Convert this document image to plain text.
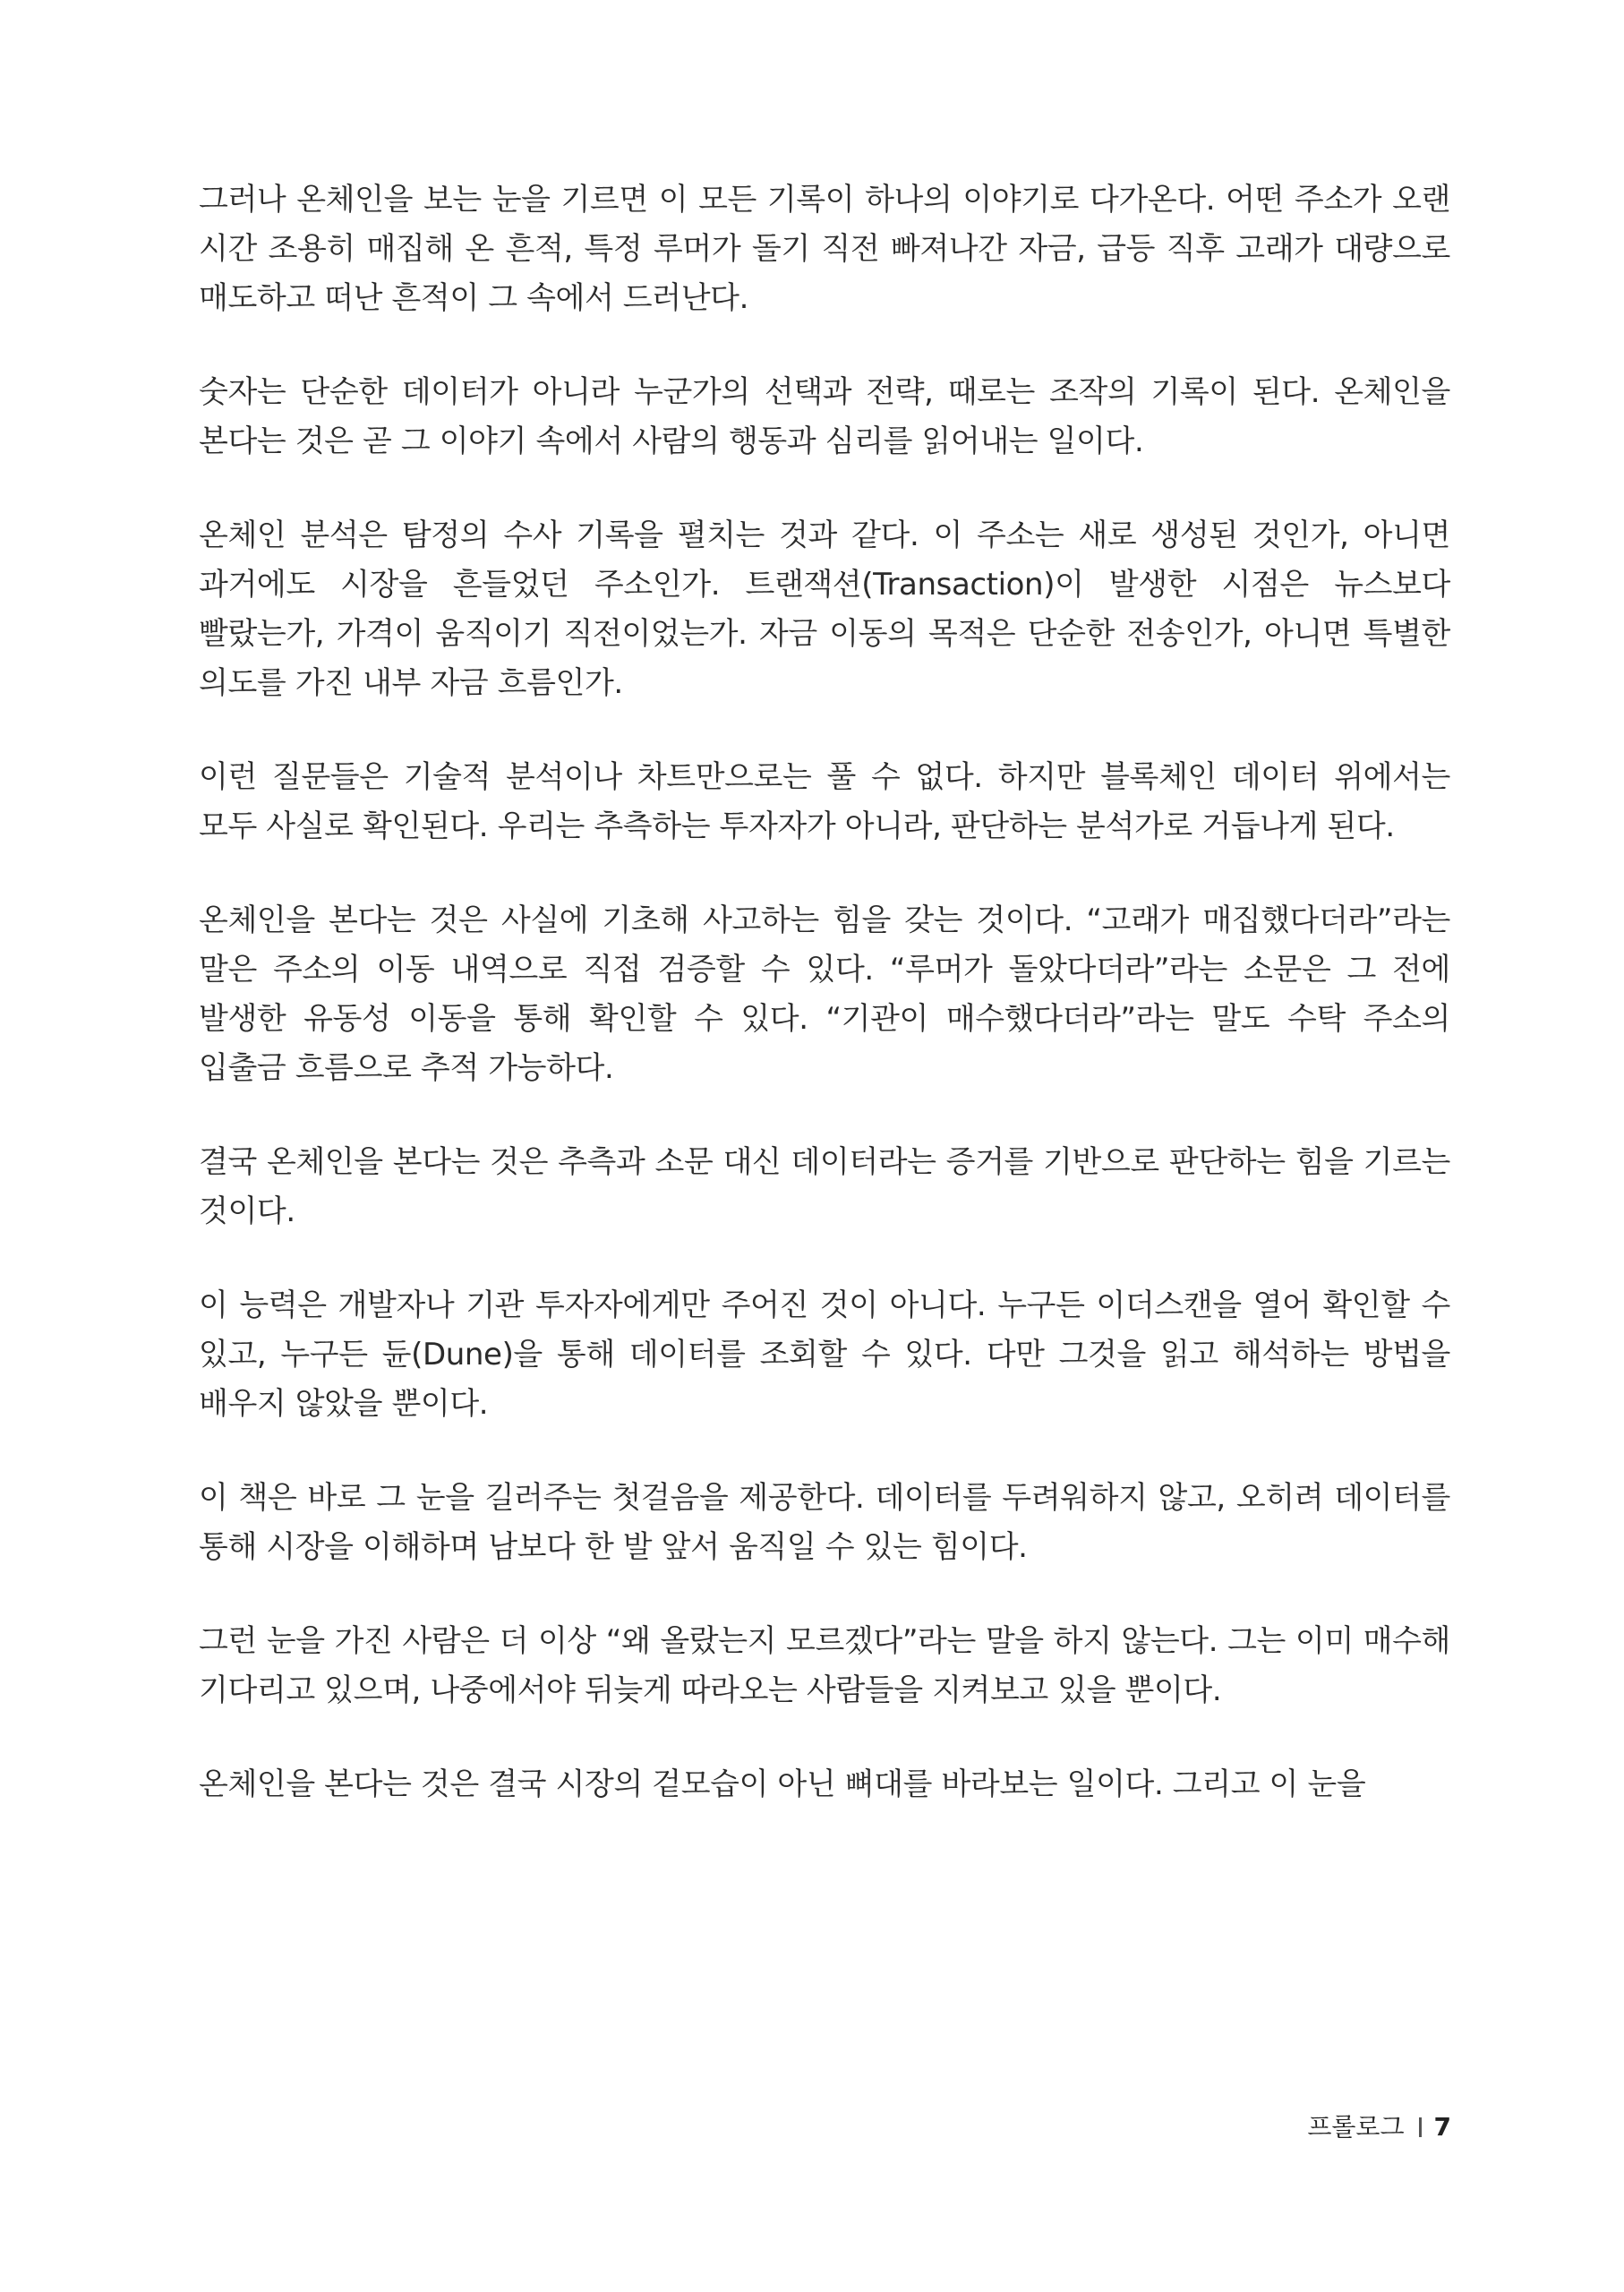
그러나 온체인을 보는 눈을 기르면 이 모든 기록이 하나의 이야기로 다가온다. 어떤 주소가 오랜 시간 조용히 매집해 온 흔적, 특정 루머가 돌기 직전 빠져나간 자금, 급등 직후 고래가 대량으로 매도하고 떠난 흔적이 그 속에서 드러난다.

숫자는 단순한 데이터가 아니라 누군가의 선택과 전략, 때로는 조작의 기록이 된다. 온체인을 본다는 것은 곧 그 이야기 속에서 사람의 행동과 심리를 읽어내는 일이다.

온체인 분석은 탐정의 수사 기록을 펼치는 것과 같다. 이 주소는 새로 생성된 것인가, 아니면 과거에도 시장을 흔들었던 주소인가. 트랜잭션(Transaction)이 발생한 시점은 뉴스보다 빨랐는가, 가격이 움직이기 직전이었는가. 자금 이동의 목적은 단순한 전송인가, 아니면 특별한 의도를 가진 내부 자금 흐름인가.

이런 질문들은 기술적 분석이나 차트만으로는 풀 수 없다. 하지만 블록체인 데이터 위에서는 모두 사실로 확인된다. 우리는 추측하는 투자자가 아니라, 판단하는 분석가로 거듭나게 된다.

온체인을 본다는 것은 사실에 기초해 사고하는 힘을 갖는 것이다. “고래가 매집했다더라”라는 말은 주소의 이동 내역으로 직접 검증할 수 있다. “루머가 돌았다더라”라는 소문은 그 전에 발생한 유동성 이동을 통해 확인할 수 있다. “기관이 매수했다더라”라는 말도 수탁 주소의 입출금 흐름으로 추적 가능하다.

결국 온체인을 본다는 것은 추측과 소문 대신 데이터라는 증거를 기반으로 판단하는 힘을 기르는 것이다.

이 능력은 개발자나 기관 투자자에게만 주어진 것이 아니다. 누구든 이더스캔을 열어 확인할 수 있고, 누구든 듄(Dune)을 통해 데이터를 조회할 수 있다. 다만 그것을 읽고 해석하는 방법을 배우지 않았을 뿐이다.

이 책은 바로 그 눈을 길러주는 첫걸음을 제공한다. 데이터를 두려워하지 않고, 오히려 데이터를 통해 시장을 이해하며 남보다 한 발 앞서 움직일 수 있는 힘이다.

그런 눈을 가진 사람은 더 이상 “왜 올랐는지 모르겠다”라는 말을 하지 않는다. 그는 이미 매수해 기다리고 있으며, 나중에서야 뒤늦게 따라오는 사람들을 지켜보고 있을 뿐이다.

온체인을 본다는 것은 결국 시장의 겉모습이 아닌 뼈대를 바라보는 일이다. 그리고 이 눈을

프롤로그 7
